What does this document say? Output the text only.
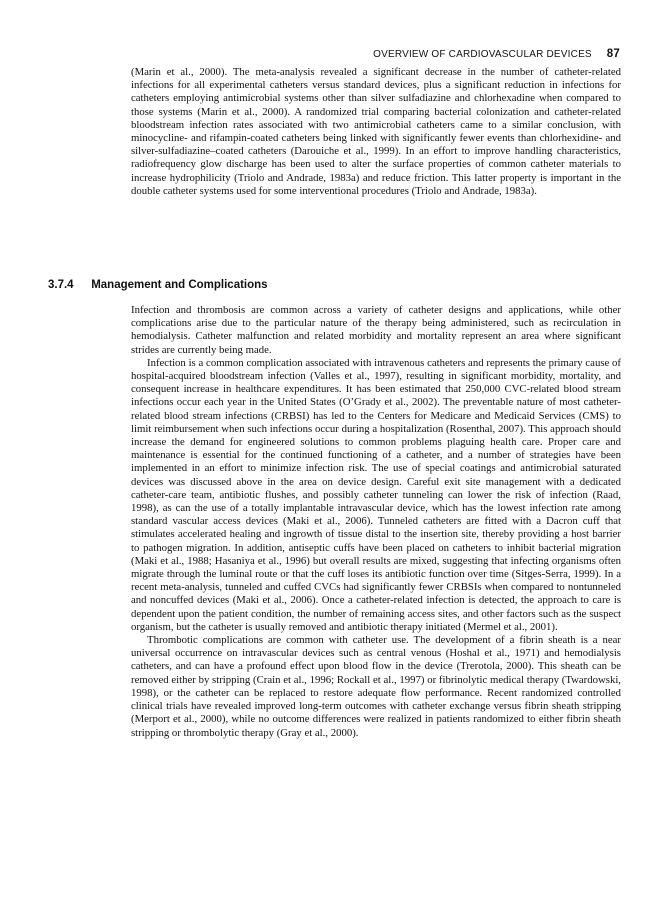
OVERVIEW OF CARDIOVASCULAR DEVICES 87

(Marin et al., 2000). The meta-analysis revealed a significant decrease in the number of catheter-related infections for all experimental catheters versus standard devices, plus a significant reduction in infections for catheters employing antimicrobial systems other than silver sulfadiazine and chlorhexadine when compared to those systems (Marin et al., 2000). A randomized trial comparing bacterial colonization and catheter-related bloodstream infection rates associated with two antimicrobial catheters came to a similar conclusion, with minocycline- and rifampin-coated catheters being linked with significantly fewer events than chlorhexidine- and silver-sulfadiazine–coated catheters (Darouiche et al., 1999). In an effort to improve handling characteristics, radiofrequency glow discharge has been used to alter the surface properties of common catheter materials to increase hydrophilicity (Triolo and Andrade, 1983a) and reduce friction. This latter property is important in the double catheter systems used for some interventional procedures (Triolo and Andrade, 1983a).

3.7.4 Management and Complications

Infection and thrombosis are common across a variety of catheter designs and applications, while other complications arise due to the particular nature of the therapy being administered, such as recirculation in hemodialysis. Catheter malfunction and related morbidity and mortality represent an area where significant strides are currently being made.

Infection is a common complication associated with intravenous catheters and represents the primary cause of hospital-acquired bloodstream infection (Valles et al., 1997), resulting in significant morbidity, mortality, and consequent increase in healthcare expenditures. It has been estimated that 250,000 CVC-related blood stream infections occur each year in the United States (O’Grady et al., 2002). The preventable nature of most catheter-related blood stream infections (CRBSI) has led to the Centers for Medicare and Medicaid Services (CMS) to limit reimbursement when such infections occur during a hospitalization (Rosenthal, 2007). This approach should increase the demand for engineered solutions to common problems plaguing health care. Proper care and maintenance is essential for the continued functioning of a catheter, and a number of strategies have been implemented in an effort to minimize infection risk. The use of special coatings and antimicrobial saturated devices was discussed above in the area on device design. Careful exit site management with a dedicated catheter-care team, antibiotic flushes, and possibly catheter tunneling can lower the risk of infection (Raad, 1998), as can the use of a totally implantable intravascular device, which has the lowest infection rate among standard vascular access devices (Maki et al., 2006). Tunneled catheters are fitted with a Dacron cuff that stimulates accelerated healing and ingrowth of tissue distal to the insertion site, thereby providing a host barrier to pathogen migration. In addition, antiseptic cuffs have been placed on catheters to inhibit bacterial migration (Maki et al., 1988; Hasaniya et al., 1996) but overall results are mixed, suggesting that infecting organisms often migrate through the luminal route or that the cuff loses its antibiotic function over time (Sitges-Serra, 1999). In a recent meta-analysis, tunneled and cuffed CVCs had significantly fewer CRBSIs when compared to nontunneled and noncuffed devices (Maki et al., 2006). Once a catheter-related infection is detected, the approach to care is dependent upon the patient condition, the number of remaining access sites, and other factors such as the suspect organism, but the catheter is usually removed and antibiotic therapy initiated (Mermel et al., 2001).

Thrombotic complications are common with catheter use. The development of a fibrin sheath is a near universal occurrence on intravascular devices such as central venous (Hoshal et al., 1971) and hemodialysis catheters, and can have a profound effect upon blood flow in the device (Trerotola, 2000). This sheath can be removed either by stripping (Crain et al., 1996; Rockall et al., 1997) or fibrinolytic medical therapy (Twardowski, 1998), or the catheter can be replaced to restore adequate flow performance. Recent randomized controlled clinical trials have revealed improved long-term outcomes with catheter exchange versus fibrin sheath stripping (Merport et al., 2000), while no outcome differences were realized in patients randomized to either fibrin sheath stripping or thrombolytic therapy (Gray et al., 2000).
